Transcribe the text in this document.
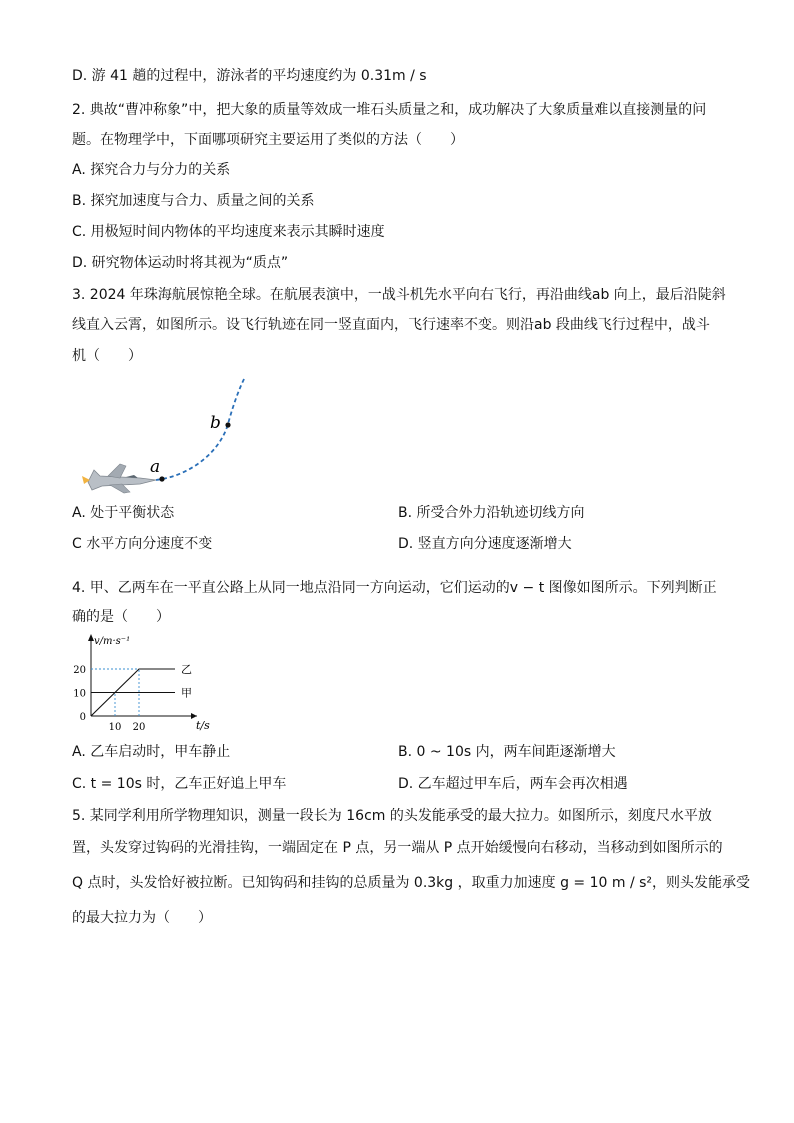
D. 游 41 趟的过程中，游泳者的平均速度约为 0.31m / s
2. 典故“曹冲称象”中，把大象的质量等效成一堆石头质量之和，成功解决了大象质量难以直接测量的问
题。在物理学中，下面哪项研究主要运用了类似的方法（　　）
A. 探究合力与分力的关系
B. 探究加速度与合力、质量之间的关系
C. 用极短时间内物体的平均速度来表示其瞬时速度
D. 研究物体运动时将其视为“质点”
3. 2024 年珠海航展惊艳全球。在航展表演中，一战斗机先水平向右飞行，再沿曲线ab 向上，最后沿陡斜
线直入云霄，如图所示。设飞行轨迹在同一竖直面内，飞行速率不变。则沿ab 段曲线飞行过程中，战斗
机（　　）
a
b
A. 处于平衡状态	B. 所受合外力沿轨迹切线方向
C 水平方向分速度不变	D. 竖直方向分速度逐渐增大
4. 甲、乙两车在一平直公路上从同一地点沿同一方向运动，它们运动的v − t 图像如图所示。下列判断正
确的是（　　）
0
10
20
10 20
甲
乙
v/m·s⁻¹
t/s
A. 乙车启动时，甲车静止	B. 0 ~ 10s 内，两车间距逐渐增大
C. t = 10s 时，乙车正好追上甲车	D. 乙车超过甲车后，两车会再次相遇
5. 某同学利用所学物理知识，测量一段长为 16cm 的头发能承受的最大拉力。如图所示，刻度尺水平放
置，头发穿过钩码的光滑挂钩，一端固定在 P 点，另一端从 P 点开始缓慢向右移动，当移动到如图所示的
Q 点时，头发恰好被拉断。已知钩码和挂钩的总质量为 0.3kg ，取重力加速度 g = 10 m / s²，则头发能承受
的最大拉力为（　　）
